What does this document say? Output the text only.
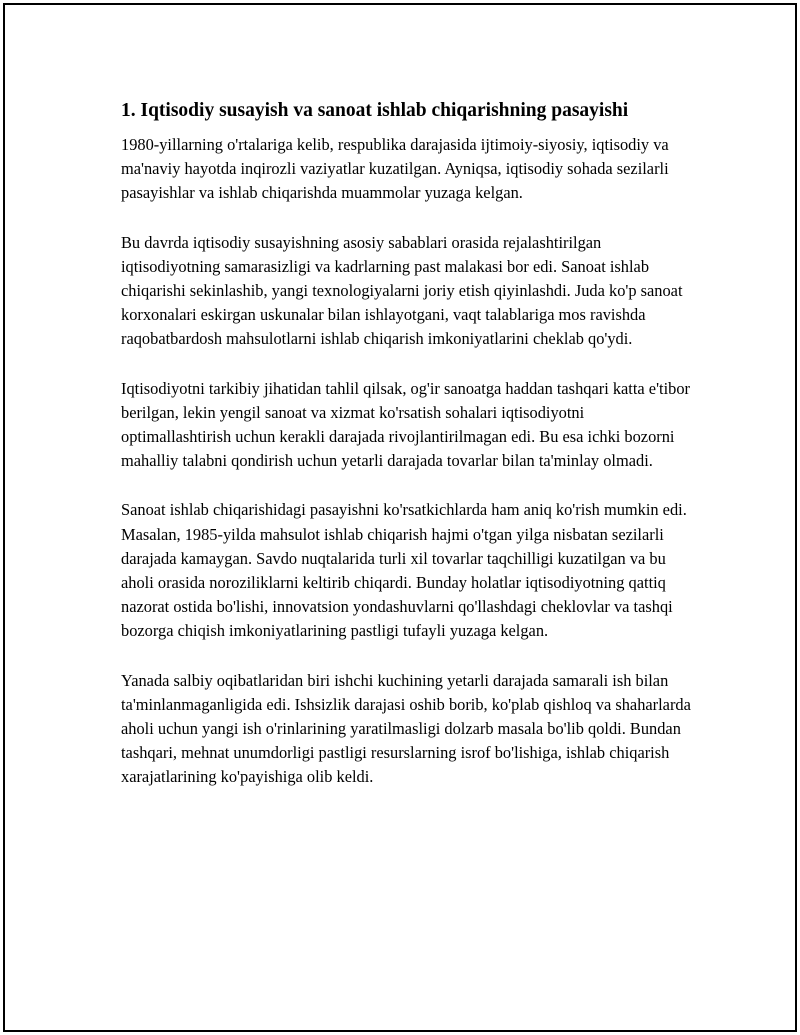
1. Iqtisodiy susayish va sanoat ishlab chiqarishning pasayishi

1980-yillarning o'rtalariga kelib, respublika darajasida ijtimoiy-siyosiy, iqtisodiy va ma'naviy hayotda inqirozli vaziyatlar kuzatilgan. Ayniqsa, iqtisodiy sohada sezilarli pasayishlar va ishlab chiqarishda muammolar yuzaga kelgan.

Bu davrda iqtisodiy susayishning asosiy sabablari orasida rejalashtirilgan iqtisodiyotning samarasizligi va kadrlarning past malakasi bor edi. Sanoat ishlab chiqarishi sekinlashib, yangi texnologiyalarni joriy etish qiyinlashdi. Juda ko'p sanoat korxonalari eskirgan uskunalar bilan ishlayotgani, vaqt talablariga mos ravishda raqobatbardosh mahsulotlarni ishlab chiqarish imkoniyatlarini cheklab qo'ydi.

Iqtisodiyotni tarkibiy jihatidan tahlil qilsak, og'ir sanoatga haddan tashqari katta e'tibor berilgan, lekin yengil sanoat va xizmat ko'rsatish sohalari iqtisodiyotni optimallashtirish uchun kerakli darajada rivojlantirilmagan edi. Bu esa ichki bozorni mahalliy talabni qondirish uchun yetarli darajada tovarlar bilan ta'minlay olmadi.

Sanoat ishlab chiqarishidagi pasayishni ko'rsatkichlarda ham aniq ko'rish mumkin edi. Masalan, 1985-yilda mahsulot ishlab chiqarish hajmi o'tgan yilga nisbatan sezilarli darajada kamaygan. Savdo nuqtalarida turli xil tovarlar taqchilligi kuzatilgan va bu aholi orasida noroziliklarni keltirib chiqardi. Bunday holatlar iqtisodiyotning qattiq nazorat ostida bo'lishi, innovatsion yondashuvlarni qo'llashdagi cheklovlar va tashqi bozorga chiqish imkoniyatlarining pastligi tufayli yuzaga kelgan.

Yanada salbiy oqibatlaridan biri ishchi kuchining yetarli darajada samarali ish bilan ta'minlanmaganligida edi. Ishsizlik darajasi oshib borib, ko'plab qishloq va shaharlarda aholi uchun yangi ish o'rinlarining yaratilmasligi dolzarb masala bo'lib qoldi. Bundan tashqari, mehnat unumdorligi pastligi resurslarning isrof bo'lishiga, ishlab chiqarish xarajatlarining ko'payishiga olib keldi.
